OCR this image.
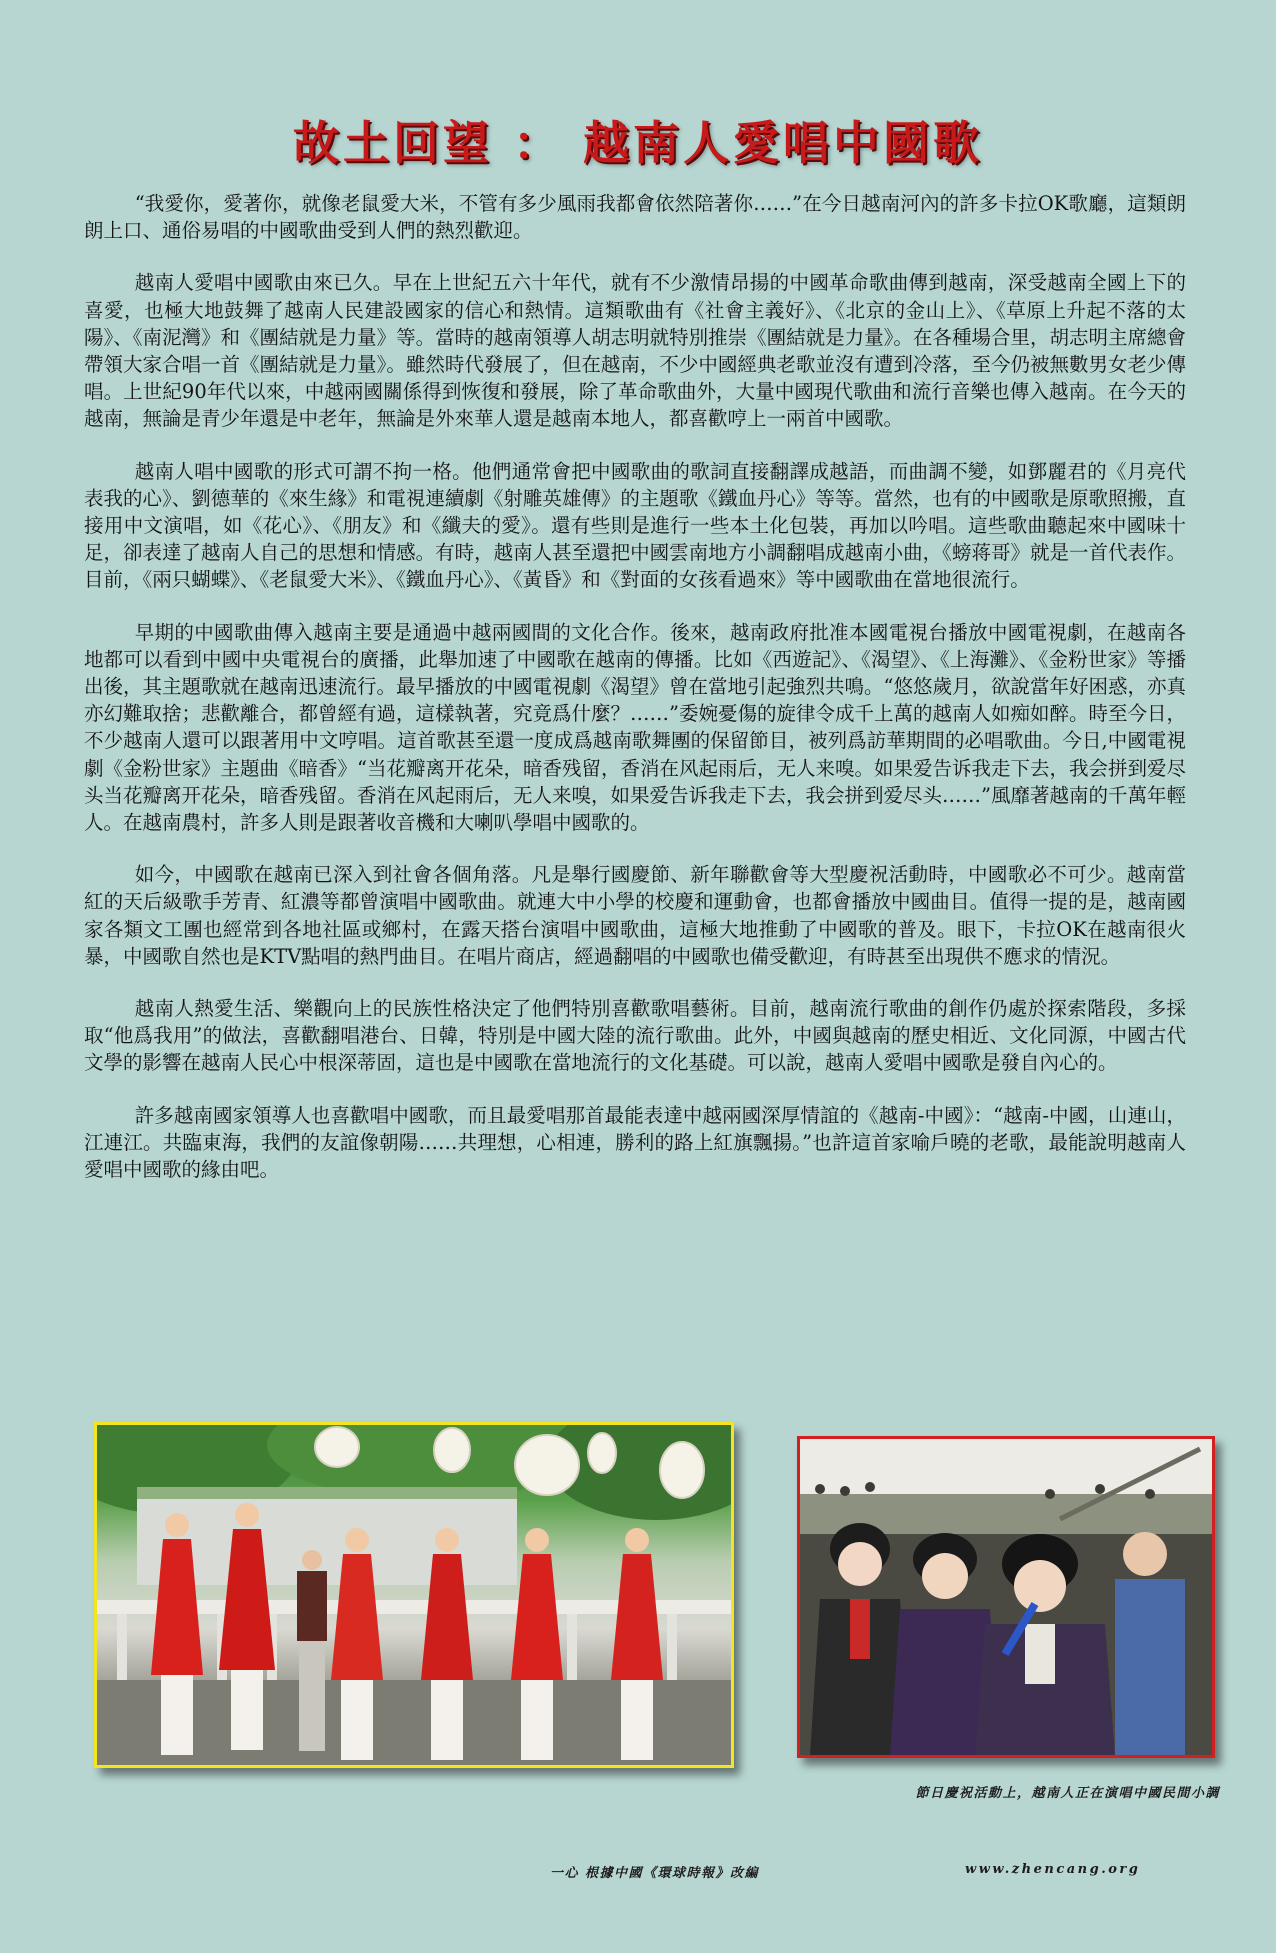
故土回望 ： 越南人愛唱中國歌

“我愛你，愛著你，就像老鼠愛大米，不管有多少風雨我都會依然陪著你……”在今日越南河內的許多卡拉OK歌廳，這類朗朗上口、通俗易唱的中國歌曲受到人們的熱烈歡迎。

越南人愛唱中國歌由來已久。早在上世紀五六十年代，就有不少激情昂揚的中國革命歌曲傳到越南，深受越南全國上下的喜愛，也極大地鼓舞了越南人民建設國家的信心和熱情。這類歌曲有《社會主義好》、《北京的金山上》、《草原上升起不落的太陽》、《南泥灣》和《團結就是力量》等。當時的越南領導人胡志明就特別推崇《團結就是力量》。在各種場合里，胡志明主席總會帶領大家合唱一首《團結就是力量》。雖然時代發展了，但在越南，不少中國經典老歌並沒有遭到冷落，至今仍被無數男女老少傳唱。上世紀90年代以來，中越兩國關係得到恢復和發展，除了革命歌曲外，大量中國現代歌曲和流行音樂也傳入越南。在今天的越南，無論是青少年還是中老年，無論是外來華人還是越南本地人，都喜歡哼上一兩首中國歌。

越南人唱中國歌的形式可謂不拘一格。他們通常會把中國歌曲的歌詞直接翻譯成越語，而曲調不變，如鄧麗君的《月亮代表我的心》、劉德華的《來生緣》和電視連續劇《射雕英雄傳》的主題歌《鐵血丹心》等等。當然，也有的中國歌是原歌照搬，直接用中文演唱，如《花心》、《朋友》和《纖夫的愛》。還有些則是進行一些本土化包裝，再加以吟唱。這些歌曲聽起來中國味十足，卻表達了越南人自己的思想和情感。有時，越南人甚至還把中國雲南地方小調翻唱成越南小曲，《螃蒋哥》就是一首代表作。目前，《兩只蝴蝶》、《老鼠愛大米》、《鐵血丹心》、《黃昏》和《對面的女孩看過來》等中國歌曲在當地很流行。

早期的中國歌曲傳入越南主要是通過中越兩國間的文化合作。後來，越南政府批准本國電視台播放中國電視劇，在越南各地都可以看到中國中央電視台的廣播，此舉加速了中國歌在越南的傳播。比如《西遊記》、《渴望》、《上海灘》、《金粉世家》等播出後，其主題歌就在越南迅速流行。最早播放的中國電視劇《渴望》曾在當地引起強烈共鳴。“悠悠歲月，欲說當年好困惑，亦真亦幻難取捨；悲歡離合，都曾經有過，這樣執著，究竟爲什麼？……”委婉憂傷的旋律令成千上萬的越南人如痴如醉。時至今日，不少越南人還可以跟著用中文哼唱。這首歌甚至還一度成爲越南歌舞團的保留節目，被列爲訪華期間的必唱歌曲。今日,中國電視劇《金粉世家》主題曲《暗香》“当花瓣离开花朵，暗香残留，香消在风起雨后，无人来嗅。如果爱告诉我走下去，我会拼到爱尽头当花瓣离开花朵，暗香残留。香消在风起雨后，无人来嗅，如果爱告诉我走下去，我会拼到爱尽头……”風靡著越南的千萬年輕人。在越南農村，許多人則是跟著收音機和大喇叭學唱中國歌的。

如今，中國歌在越南已深入到社會各個角落。凡是舉行國慶節、新年聯歡會等大型慶祝活動時，中國歌必不可少。越南當紅的天后級歌手芳青、紅濃等都曾演唱中國歌曲。就連大中小學的校慶和運動會，也都會播放中國曲目。值得一提的是，越南國家各類文工團也經常到各地社區或鄉村，在露天搭台演唱中國歌曲，這極大地推動了中國歌的普及。眼下，卡拉OK在越南很火暴，中國歌自然也是KTV點唱的熱門曲目。在唱片商店，經過翻唱的中國歌也備受歡迎，有時甚至出現供不應求的情況。

越南人熱愛生活、樂觀向上的民族性格決定了他們特別喜歡歌唱藝術。目前，越南流行歌曲的創作仍處於探索階段，多採取“他爲我用”的做法，喜歡翻唱港台、日韓，特別是中國大陸的流行歌曲。此外，中國與越南的歷史相近、文化同源，中國古代文學的影響在越南人民心中根深蒂固，這也是中國歌在當地流行的文化基礎。可以說，越南人愛唱中國歌是發自內心的。

許多越南國家領導人也喜歡唱中國歌，而且最愛唱那首最能表達中越兩國深厚情誼的《越南-中國》：“越南-中國，山連山，江連江。共臨東海，我們的友誼像朝陽……共理想，心相連，勝利的路上紅旗飄揚。”也許這首家喻戶曉的老歌，最能說明越南人愛唱中國歌的緣由吧。

節日慶祝活動上，越南人正在演唱中國民間小調
一心 根據中國《環球時報》改編	www.zhencang.org
